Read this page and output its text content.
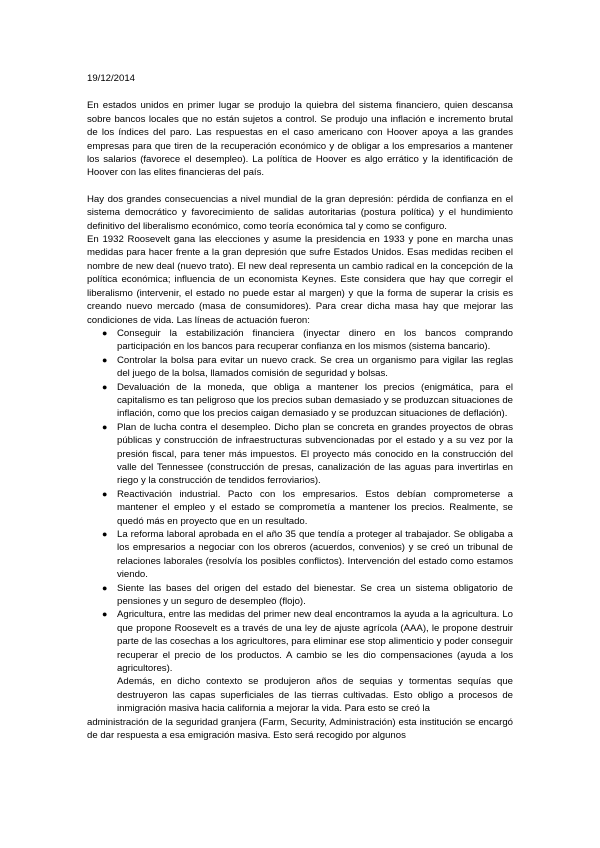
19/12/2014

En estados unidos en primer lugar se produjo la quiebra del sistema financiero, quien descansa sobre bancos locales que no están sujetos a control. Se produjo una inflación e incremento brutal de los índices del paro. Las respuestas en el caso americano con Hoover apoya a las grandes empresas para que tiren de la recuperación económico y de obligar a los empresarios a mantener los salarios (favorece el desempleo). La política de Hoover es algo errático y la identificación de Hoover con las elites financieras del país.

Hay dos grandes consecuencias a nivel mundial de la gran depresión: pérdida de confianza en el sistema democrático y favorecimiento de salidas autoritarias (postura política) y el hundimiento definitivo del liberalismo económico, como teoría económica tal y como se configuro.

En 1932 Roosevelt gana las elecciones y asume la presidencia en 1933 y pone en marcha unas medidas para hacer frente a la gran depresión que sufre Estados Unidos. Esas medidas reciben el nombre de new deal (nuevo trato). El new deal representa un cambio radical en la concepción de la política económica; influencia de un economista Keynes. Este considera que hay que corregir el liberalismo (intervenir, el estado no puede estar al margen) y que la forma de superar la crisis es creando nuevo mercado (masa de consumidores). Para crear dicha masa hay que mejorar las condiciones de vida. Las líneas de actuación fueron:

● Conseguir la estabilización financiera (inyectar dinero en los bancos comprando participación en los bancos para recuperar confianza en los mismos (sistema bancario).
● Controlar la bolsa para evitar un nuevo crack. Se crea un organismo para vigilar las reglas del juego de la bolsa, llamados comisión de seguridad y bolsas.
● Devaluación de la moneda, que obliga a mantener los precios (enigmática, para el capitalismo es tan peligroso que los precios suban demasiado y se produzcan situaciones de inflación, como que los precios caigan demasiado y se produzcan situaciones de deflación).
● Plan de lucha contra el desempleo. Dicho plan se concreta en grandes proyectos de obras públicas y construcción de infraestructuras subvencionadas por el estado y a su vez por la presión fiscal, para tener más impuestos. El proyecto más conocido en la construcción del valle del Tennessee (construcción de presas, canalización de las aguas para invertirlas en riego y la construcción de tendidos ferroviarios).
● Reactivación industrial. Pacto con los empresarios. Estos debían comprometerse a mantener el empleo y el estado se comprometía a mantener los precios. Realmente, se quedó más en proyecto que en un resultado.
● La reforma laboral aprobada en el año 35 que tendía a proteger al trabajador. Se obligaba a los empresarios a negociar con los obreros (acuerdos, convenios) y se creó un tribunal de relaciones laborales (resolvía los posibles conflictos). Intervención del estado como estamos viendo.
● Siente las bases del origen del estado del bienestar. Se crea un sistema obligatorio de pensiones y un seguro de desempleo (flojo).
● Agricultura, entre las medidas del primer new deal encontramos la ayuda a la agricultura. Lo que propone Roosevelt es a través de una ley de ajuste agrícola (AAA), le propone destruir parte de las cosechas a los agricultores, para eliminar ese stop alimenticio y poder conseguir recuperar el precio de los productos. A cambio se les dio compensaciones (ayuda a los agricultores).
Además, en dicho contexto se produjeron años de sequias y tormentas sequías que destruyeron las capas superficiales de las tierras cultivadas. Esto obligo a procesos de inmigración masiva hacia california a mejorar la vida. Para esto se creó la

administración de la seguridad granjera (Farm, Security, Administración) esta institución se encargó de dar respuesta a esa emigración masiva. Esto será recogido por algunos
